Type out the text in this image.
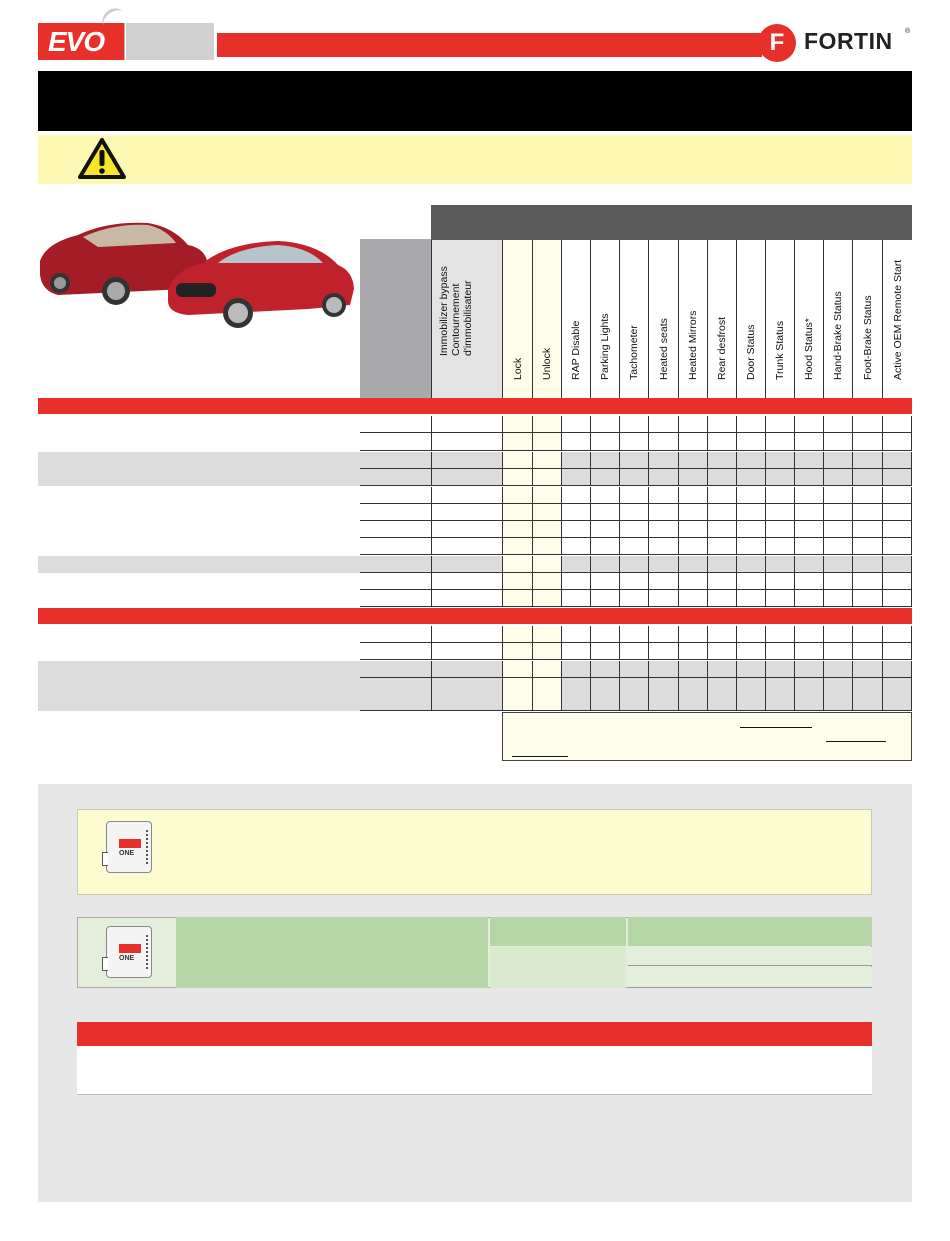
EVO	F FORTIN ®
Immobilizer bypass
Contournement
d'immobilisateur
Lock Unlock RAP Disable Parking Lights Tachometer Heated seats Heated Mirrors Rear desfrost Door Status Trunk Status Hood Status* Hand-Brake Status Foot-Brake Status Active OEM Remote Start
ONE
ONE
